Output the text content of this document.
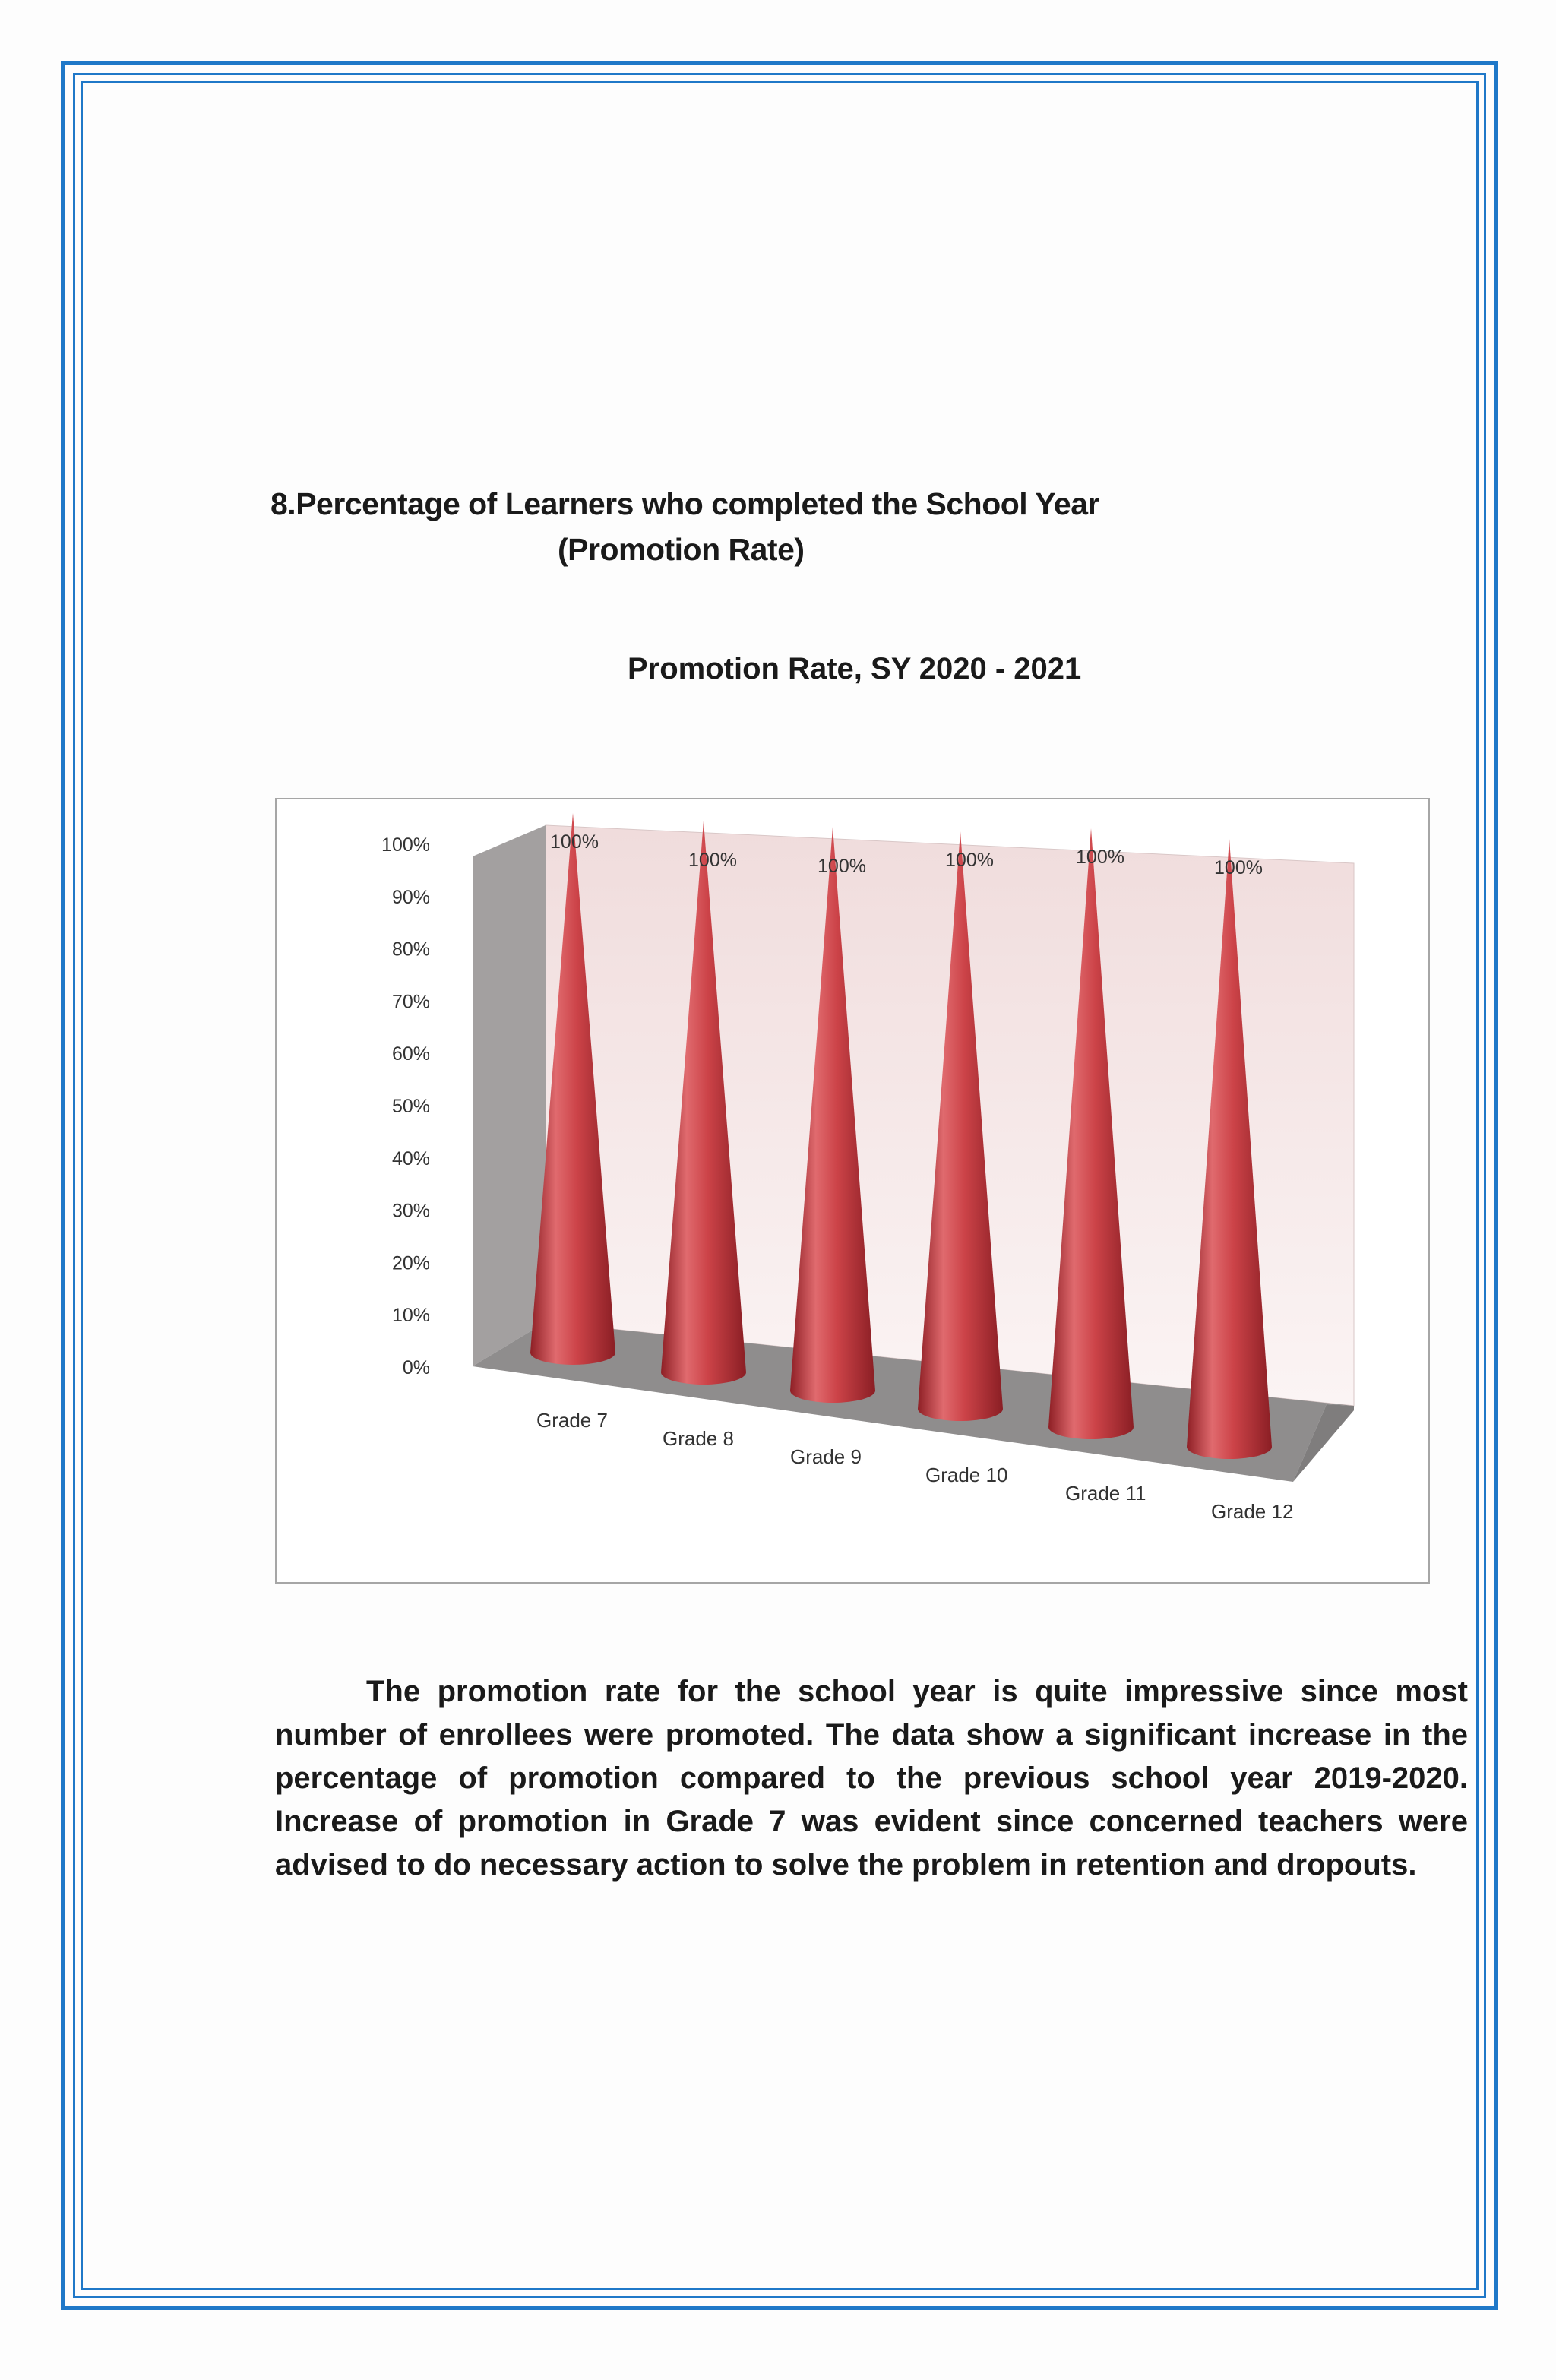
8.Percentage of Learners who completed the School Year
(Promotion Rate)
Promotion Rate, SY 2020 - 2021
0%
10%
20%
30%
40%
50%
60%
70%
80%
90%
100%	100%
100%	100%	100%	100%	100%
Grade 7
Grade 8
Grade 9
Grade 10
Grade 11
Grade 12
The promotion rate for the school year is quite impressive since most number of enrollees were promoted. The data show a significant increase in the percentage of promotion compared to the previous school year 2019-2020. Increase of promotion in Grade 7 was evident since concerned teachers were advised to do necessary action to solve the problem in retention and dropouts.
